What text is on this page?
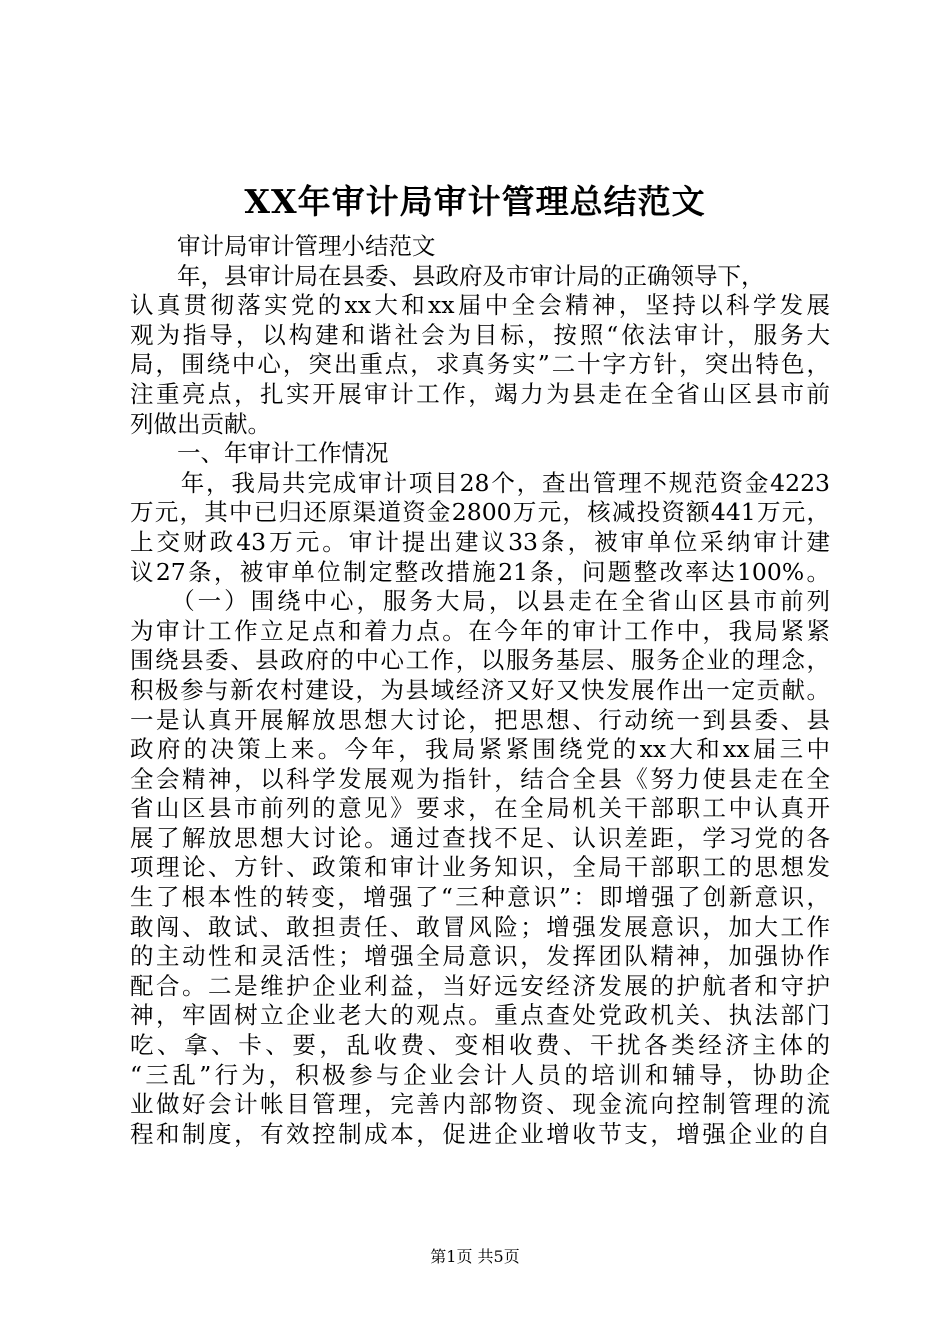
XX年审计局审计管理总结范文
　　审计局审计管理小结范文
　　年，县审计局在县委、县政府及市审计局的正确领导下，
认真贯彻落实党的xx大和xx届中全会精神，坚持以科学发展
观为指导，以构建和谐社会为目标，按照“依法审计，服务大
局，围绕中心，突出重点，求真务实”二十字方针，突出特色，
注重亮点，扎实开展审计工作，竭力为县走在全省山区县市前
列做出贡献。
　　一、年审计工作情况
　　年，我局共完成审计项目28个，查出管理不规范资金4223
万元，其中已归还原渠道资金2800万元，核减投资额441万元，
上交财政43万元。审计提出建议33条，被审单位采纳审计建
议27条，被审单位制定整改措施21条，问题整改率达100%。
　　（一）围绕中心，服务大局，以县走在全省山区县市前列
为审计工作立足点和着力点。在今年的审计工作中，我局紧紧
围绕县委、县政府的中心工作，以服务基层、服务企业的理念，
积极参与新农村建设，为县域经济又好又快发展作出一定贡献。
一是认真开展解放思想大讨论，把思想、行动统一到县委、县
政府的决策上来。今年，我局紧紧围绕党的xx大和xx届三中
全会精神，以科学发展观为指针，结合全县《努力使县走在全
省山区县市前列的意见》要求，在全局机关干部职工中认真开
展了解放思想大讨论。通过查找不足、认识差距，学习党的各
项理论、方针、政策和审计业务知识，全局干部职工的思想发
生了根本性的转变，增强了“三种意识”：即增强了创新意识，
敢闯、敢试、敢担责任、敢冒风险；增强发展意识，加大工作
的主动性和灵活性；增强全局意识，发挥团队精神，加强协作
配合。二是维护企业利益，当好远安经济发展的护航者和守护
神，牢固树立企业老大的观点。重点查处党政机关、执法部门
吃、拿、卡、要，乱收费、变相收费、干扰各类经济主体的
“三乱”行为，积极参与企业会计人员的培训和辅导，协助企
业做好会计帐目管理，完善内部物资、现金流向控制管理的流
程和制度，有效控制成本，促进企业增收节支，增强企业的自
第1页 共5页
